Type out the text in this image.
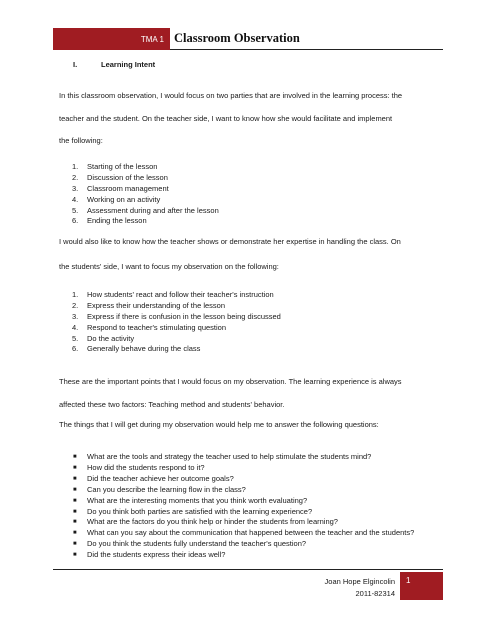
TMA 1 Classroom Observation
I.	Learning Intent
In this classroom observation, I would focus on two parties that are involved in the learning process: the
teacher and the student. On the teacher side, I want to know how she would facilitate and implement
the following:
1. Starting of the lesson
2. Discussion of the lesson
3. Classroom management
4. Working on an activity
5. Assessment during and after the lesson
6. Ending the lesson
I would also like to know how the teacher shows or demonstrate her expertise in handling the class. On
the students' side, I want to focus my observation on the following:
1. How students' react and follow their teacher's instruction
2. Express their understanding of the lesson
3. Express if there is confusion in the lesson being discussed
4. Respond to teacher's stimulating question
5. Do the activity
6. Generally behave during the class
These are the important points that I would focus on my observation. The learning experience is always
affected these two factors: Teaching method and students' behavior.
The things that I will get during my observation would help me to answer the following questions:
■ What are the tools and strategy the teacher used to help stimulate the students mind?
■ How did the students respond to it?
■ Did the teacher achieve her outcome goals?
■ Can you describe the learning flow in the class?
■ What are the interesting moments that you think worth evaluating?
■ Do you think both parties are satisfied with the learning experience?
■ What are the factors do you think help or hinder the students from learning?
■ What can you say about the communication that happened between the teacher and the students?
■ Do you think the students fully understand the teacher's question?
■ Did the students express their ideas well?
Joan Hope Elgincolin
2011-82314
1
